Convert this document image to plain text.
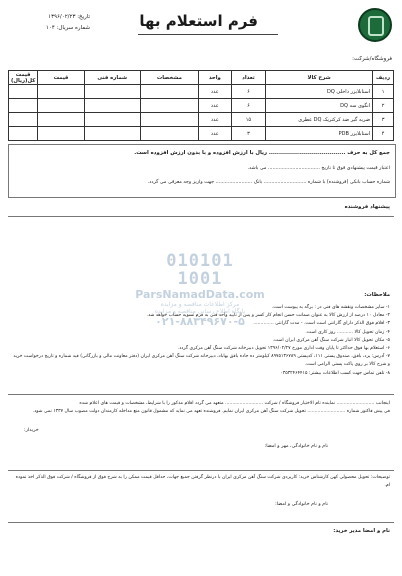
فرم استعلام بها
تاریخ: ۱۳۹۶/۰۲/۲۳
شماره سریال: ۱۰۴
فروشگاه/شرکت:
ردیف	شرح کالا	تعداد	واحد	مشخصات	شماره فنی	قیمت	قیمت کل(ریال)
۱	استابلایزر داخلی DQ	۶	عدد				
۲	انگوی سه DQ	۶	عدد				
۳	ضربه گیر ضد کرکتریک DQ عطری	۱۵	عدد				
۴	استابلایزر PDB	۳	عدد				
جمع کل به حرف ...................................... ریال با ارزش افزوده و با بدون ارزش افزوده است.
اعتبار قیمت پیشنهادی فوق تا تاریخ .................................. می باشد.
شماره حساب بانکی (فروشنده) با شماره ............................ بانک ........................ جهت واریز وجه معرفی می گردد.
پیشنهاد فروشنده
010101
1001
ParsNamadData.com
مرکز اطلاعات مناقصه و مزایده
پایگاه اطلاع رسانی مناقصه و مزایده
۰۲۱-۸۸۳۴۹۶۷۰-۵
ملاحظات:
۱- سایر مشخصات ونقشه های فنی در : برگه به پیوست است.
۲- معادل ۱۰ درصد از ارزش کالا به عنوان ضمانت حسن انجام کار کسر و پس از تایید واحد فنی به فرم تسویه حساب خواهد شد.
۳- اقلام فوق الذکر دارای گارانتی است است. - مدت گارانتی ..............
۴- زمان تحویل کالا ........... روز کاری است.
۵- مکان تحویل کالا انبار شرکت سنگ آهن مرکزی ایران است.
۶- استعلام بها فوق حداکثر تا پایان وقت اداری مورخ ۱۳۹۶/۰۲/۲۷ تحویل دبیرخانه شرکت سنگ آهن مرکزی گردد.
۷- آدرس: یزد، بافق، صندوق پستی ۱۱۱، کدپستی ۸۹۷۵۱۳۶۷۸۹ کیلومتر ده جاده بافق بهاباد، دبیرخانه شرکت سنگ آهن مرکزی ایران (دفتر معاونت مالی و بازرگانی) فید شماره و تاریخ درخواست خرید و شرح کالا بر روی پاکت پستی الزامی است.
۸- تلفن تماس جهت کسب اطلاعات بیشتر: ۰۳۵۳۲۴۶۴۴۱۵
اینجانب .......................... نماینده تام الاختیار فروشگاه / شرکت .......................... متعهد می گردد اقلام مذکور را با شرایط، مشخصات و قیمت های اعلام شده
فی پیش فاکتور شماره .......................... تحویل شرکت سنگ آهن مرکزی ایران نمایم. فروشنده تعهد می نماید که مشمول قانون منع مداخله کارمندان دولت مصوب سال ۱۳۳۷ نمی شود.
خریدار:
نام و نام خانوادگی، مهر و امضا:
توضیحات: تحویل محصولی کهن کارشناس خرید: کاربردی شرکت سنگ آهن مرکزی ایران با درنظر گرفتن جمیع جهات، حداقل قیمت ممکن را به شرح فوق از فروشگاه / شرکت فوق الذکر اخذ نموده ام.
نام و نام خانوادگی و امضا:
نام و امضا مدیر خرید:
